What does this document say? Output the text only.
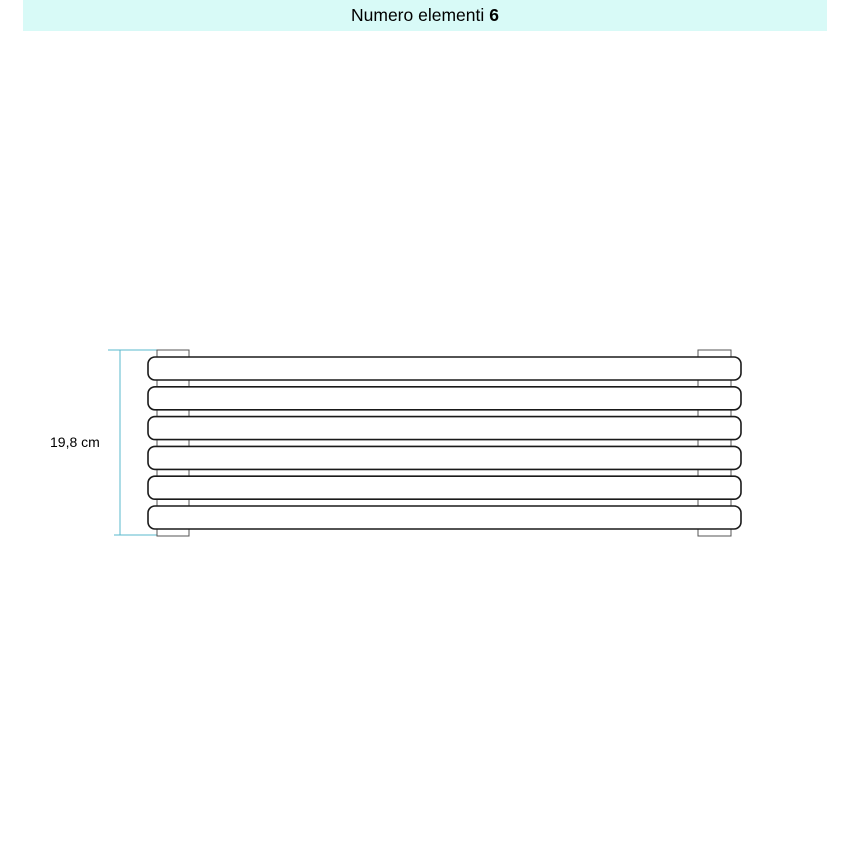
Numero elementi 6
19,8 cm
